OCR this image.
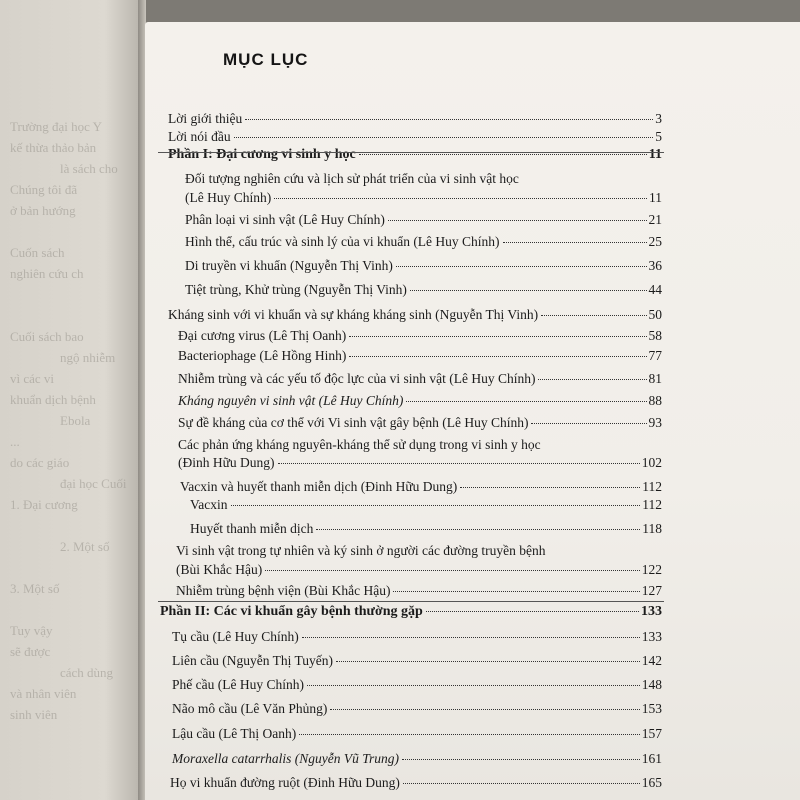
Trường đại học Y
kế thừa thảo bản
là sách cho
Chúng tôi đã
ở bản hướng

Cuốn sách
nghiên cứu ch

Cuối sách bao
ngộ nhiễm
vì các vi
khuẩn dịch bệnh
Ebola
...
do các giáo
đại học Cuối
1. Đại cương

2. Một số

3. Một số

Tuy vậy
sẽ được
cách dùng
và nhân viên
sinh viên
MỤC LỤC
Lời giới thiệu	3
Lời nói đầu	5
Phần I: Đại cương vi sinh y học	11
Đối tượng nghiên cứu và lịch sử phát triển của vi sinh vật học
(Lê Huy Chính)	11
Phân loại vi sinh vật (Lê Huy Chính)	21
Hình thể, cấu trúc và sinh lý của vi khuẩn (Lê Huy Chính)	25
Di truyền vi khuẩn (Nguyễn Thị Vinh)	36
Tiệt trùng, Khử trùng (Nguyễn Thị Vinh)	44
Kháng sinh với vi khuẩn và sự kháng kháng sinh (Nguyễn Thị Vinh)	50
Đại cương virus (Lê Thị Oanh)	58
Bacteriophage (Lê Hồng Hinh)	77
Nhiễm trùng và các yếu tố độc lực của vi sinh vật (Lê Huy Chính)	81
Kháng nguyên vi sinh vật (Lê Huy Chính)	88
Sự đề kháng của cơ thể với Vi sinh vật gây bệnh (Lê Huy Chính)	93
Các phản ứng kháng nguyên-kháng thể sử dụng trong vi sinh y học
(Đinh Hữu Dung)	102
Vacxin và huyết thanh miễn dịch (Đinh Hữu Dung)	112
Vacxin	112
Huyết thanh miễn dịch	118
Vi sinh vật trong tự nhiên và ký sinh ở người các đường truyền bệnh
(Bùi Khắc Hậu)	122
Nhiễm trùng bệnh viện (Bùi Khắc Hậu)	127
Phần II: Các vi khuẩn gây bệnh thường gặp	133
Tụ cầu (Lê Huy Chính)	133
Liên cầu (Nguyễn Thị Tuyến)	142
Phế cầu (Lê Huy Chính)	148
Não mô cầu (Lê Văn Phủng)	153
Lậu cầu (Lê Thị Oanh)	157
Moraxella catarrhalis (Nguyễn Vũ Trung)	161
Họ vi khuẩn đường ruột (Đinh Hữu Dung)	165
